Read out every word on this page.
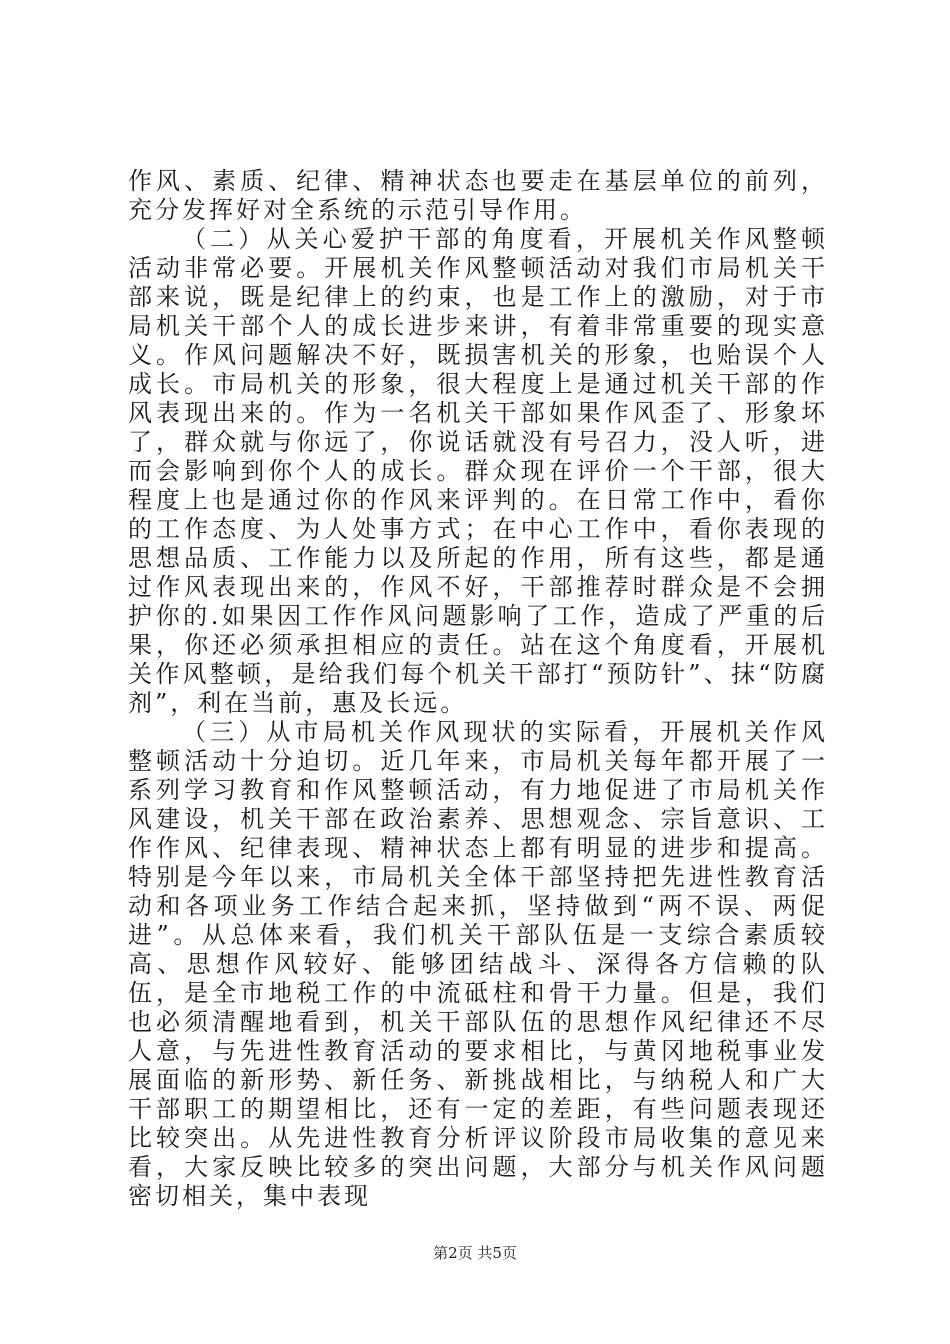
作风、素质、纪律、精神状态也要走在基层单位的前列，充分发挥好对全系统的示范引导作用。

（二）从关心爱护干部的角度看，开展机关作风整顿活动非常必要。开展机关作风整顿活动对我们市局机关干部来说，既是纪律上的约束，也是工作上的激励，对于市局机关干部个人的成长进步来讲，有着非常重要的现实意义。作风问题解决不好，既损害机关的形象，也贻误个人成长。市局机关的形象，很大程度上是通过机关干部的作风表现出来的。作为一名机关干部如果作风歪了、形象坏了，群众就与你远了，你说话就没有号召力，没人听，进而会影响到你个人的成长。群众现在评价一个干部，很大程度上也是通过你的作风来评判的。在日常工作中，看你的工作态度、为人处事方式；在中心工作中，看你表现的思想品质、工作能力以及所起的作用，所有这些，都是通过作风表现出来的，作风不好，干部推荐时群众是不会拥护你的.如果因工作作风问题影响了工作，造成了严重的后果，你还必须承担相应的责任。站在这个角度看，开展机关作风整顿，是给我们每个机关干部打“预防针”、抹“防腐剂”，利在当前，惠及长远。

（三）从市局机关作风现状的实际看，开展机关作风整顿活动十分迫切。近几年来，市局机关每年都开展了一系列学习教育和作风整顿活动，有力地促进了市局机关作风建设，机关干部在政治素养、思想观念、宗旨意识、工作作风、纪律表现、精神状态上都有明显的进步和提高。特别是今年以来，市局机关全体干部坚持把先进性教育活动和各项业务工作结合起来抓，坚持做到“两不误、两促进”。从总体来看，我们机关干部队伍是一支综合素质较高、思想作风较好、能够团结战斗、深得各方信赖的队伍，是全市地税工作的中流砥柱和骨干力量。但是，我们也必须清醒地看到，机关干部队伍的思想作风纪律还不尽人意，与先进性教育活动的要求相比，与黄冈地税事业发展面临的新形势、新任务、新挑战相比，与纳税人和广大干部职工的期望相比，还有一定的差距，有些问题表现还比较突出。从先进性教育分析评议阶段市局收集的意见来看，大家反映比较多的突出问题，大部分与机关作风问题密切相关，集中表现

第2页 共5页
